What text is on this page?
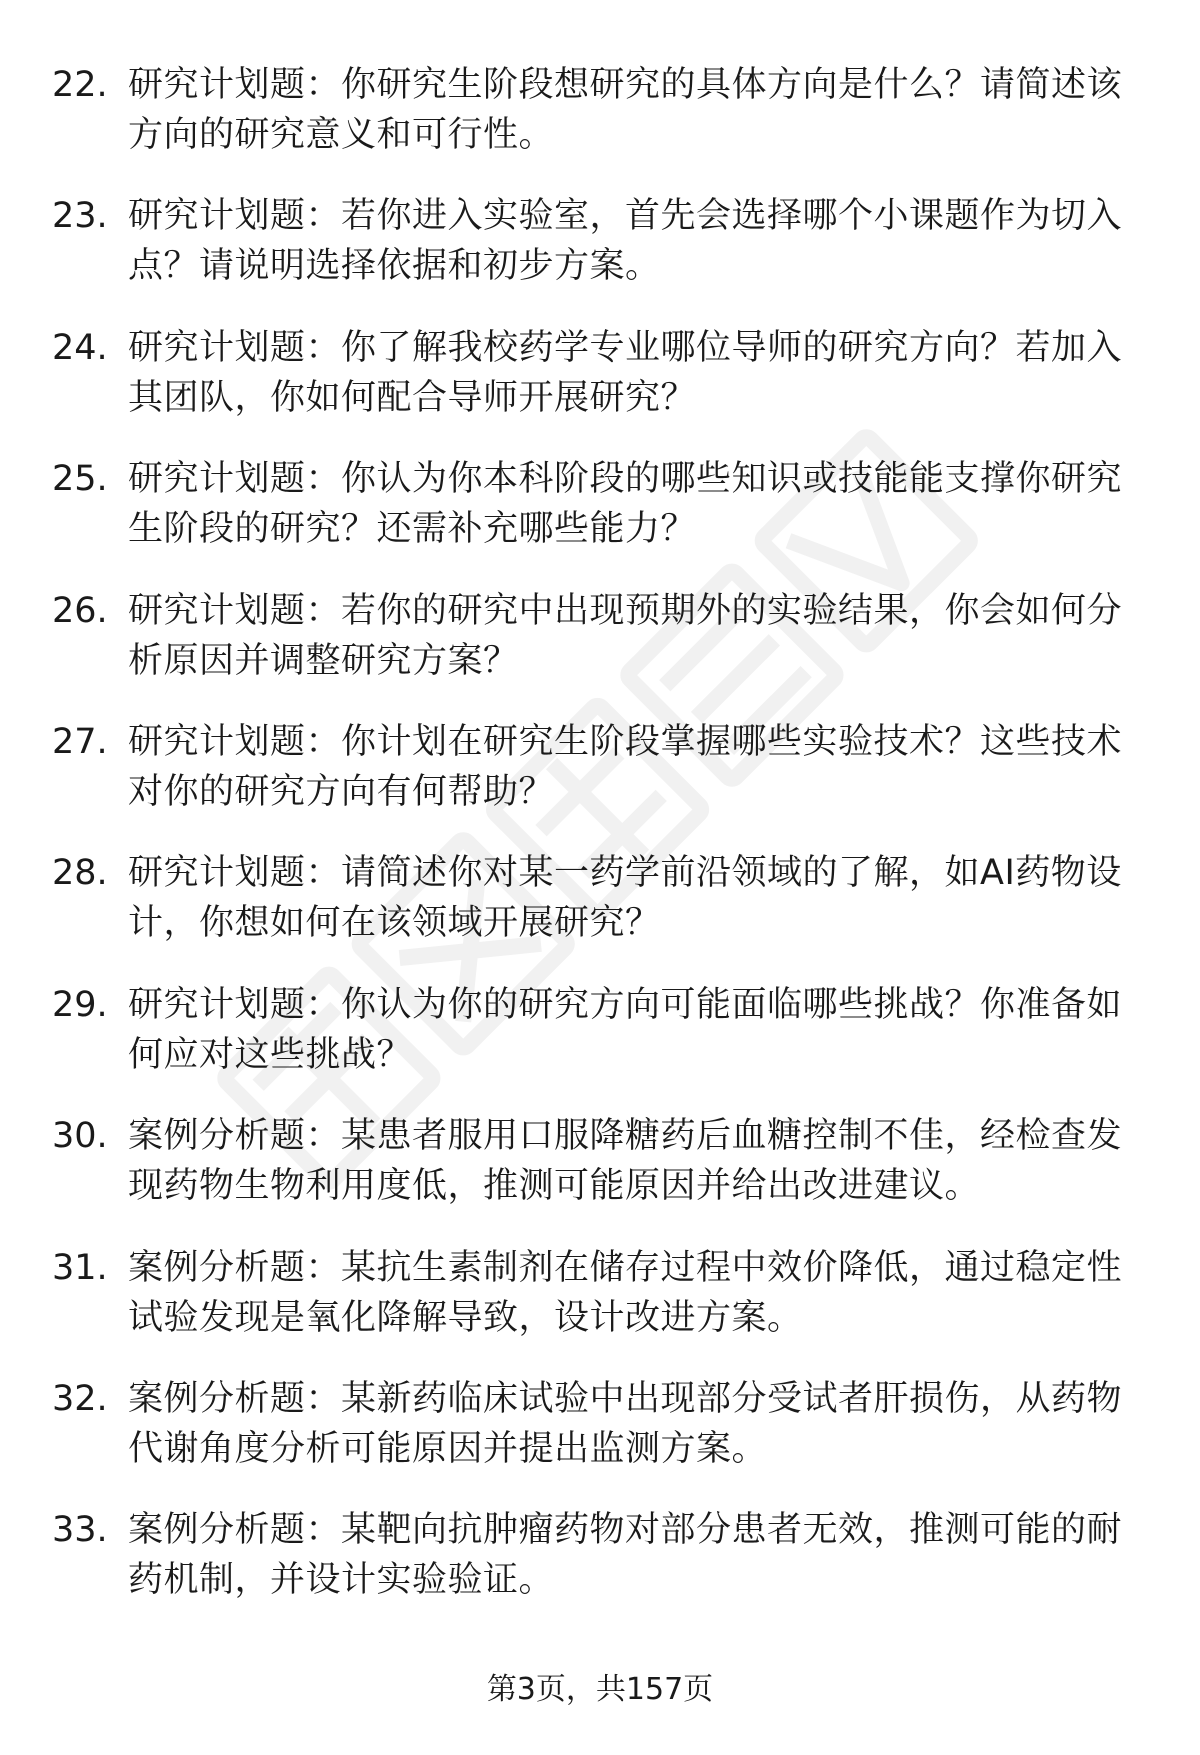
22. 研究计划题：你研究生阶段想研究的具体方向是什么？请简述该方向的研究意义和可行性。
23. 研究计划题：若你进入实验室，首先会选择哪个小课题作为切入点？请说明选择依据和初步方案。
24. 研究计划题：你了解我校药学专业哪位导师的研究方向？若加入其团队，你如何配合导师开展研究？
25. 研究计划题：你认为你本科阶段的哪些知识或技能能支撑你研究生阶段的研究？还需补充哪些能力？
26. 研究计划题：若你的研究中出现预期外的实验结果，你会如何分析原因并调整研究方案？
27. 研究计划题：你计划在研究生阶段掌握哪些实验技术？这些技术对你的研究方向有何帮助？
28. 研究计划题：请简述你对某一药学前沿领域的了解，如AI药物设计，你想如何在该领域开展研究？
29. 研究计划题：你认为你的研究方向可能面临哪些挑战？你准备如何应对这些挑战？
30. 案例分析题：某患者服用口服降糖药后血糖控制不佳，经检查发现药物生物利用度低，推测可能原因并给出改进建议。
31. 案例分析题：某抗生素制剂在储存过程中效价降低，通过稳定性试验发现是氧化降解导致，设计改进方案。
32. 案例分析题：某新药临床试验中出现部分受试者肝损伤，从药物代谢角度分析可能原因并提出监测方案。
33. 案例分析题：某靶向抗肿瘤药物对部分患者无效，推测可能的耐药机制，并设计实验验证。
第3页，共157页
